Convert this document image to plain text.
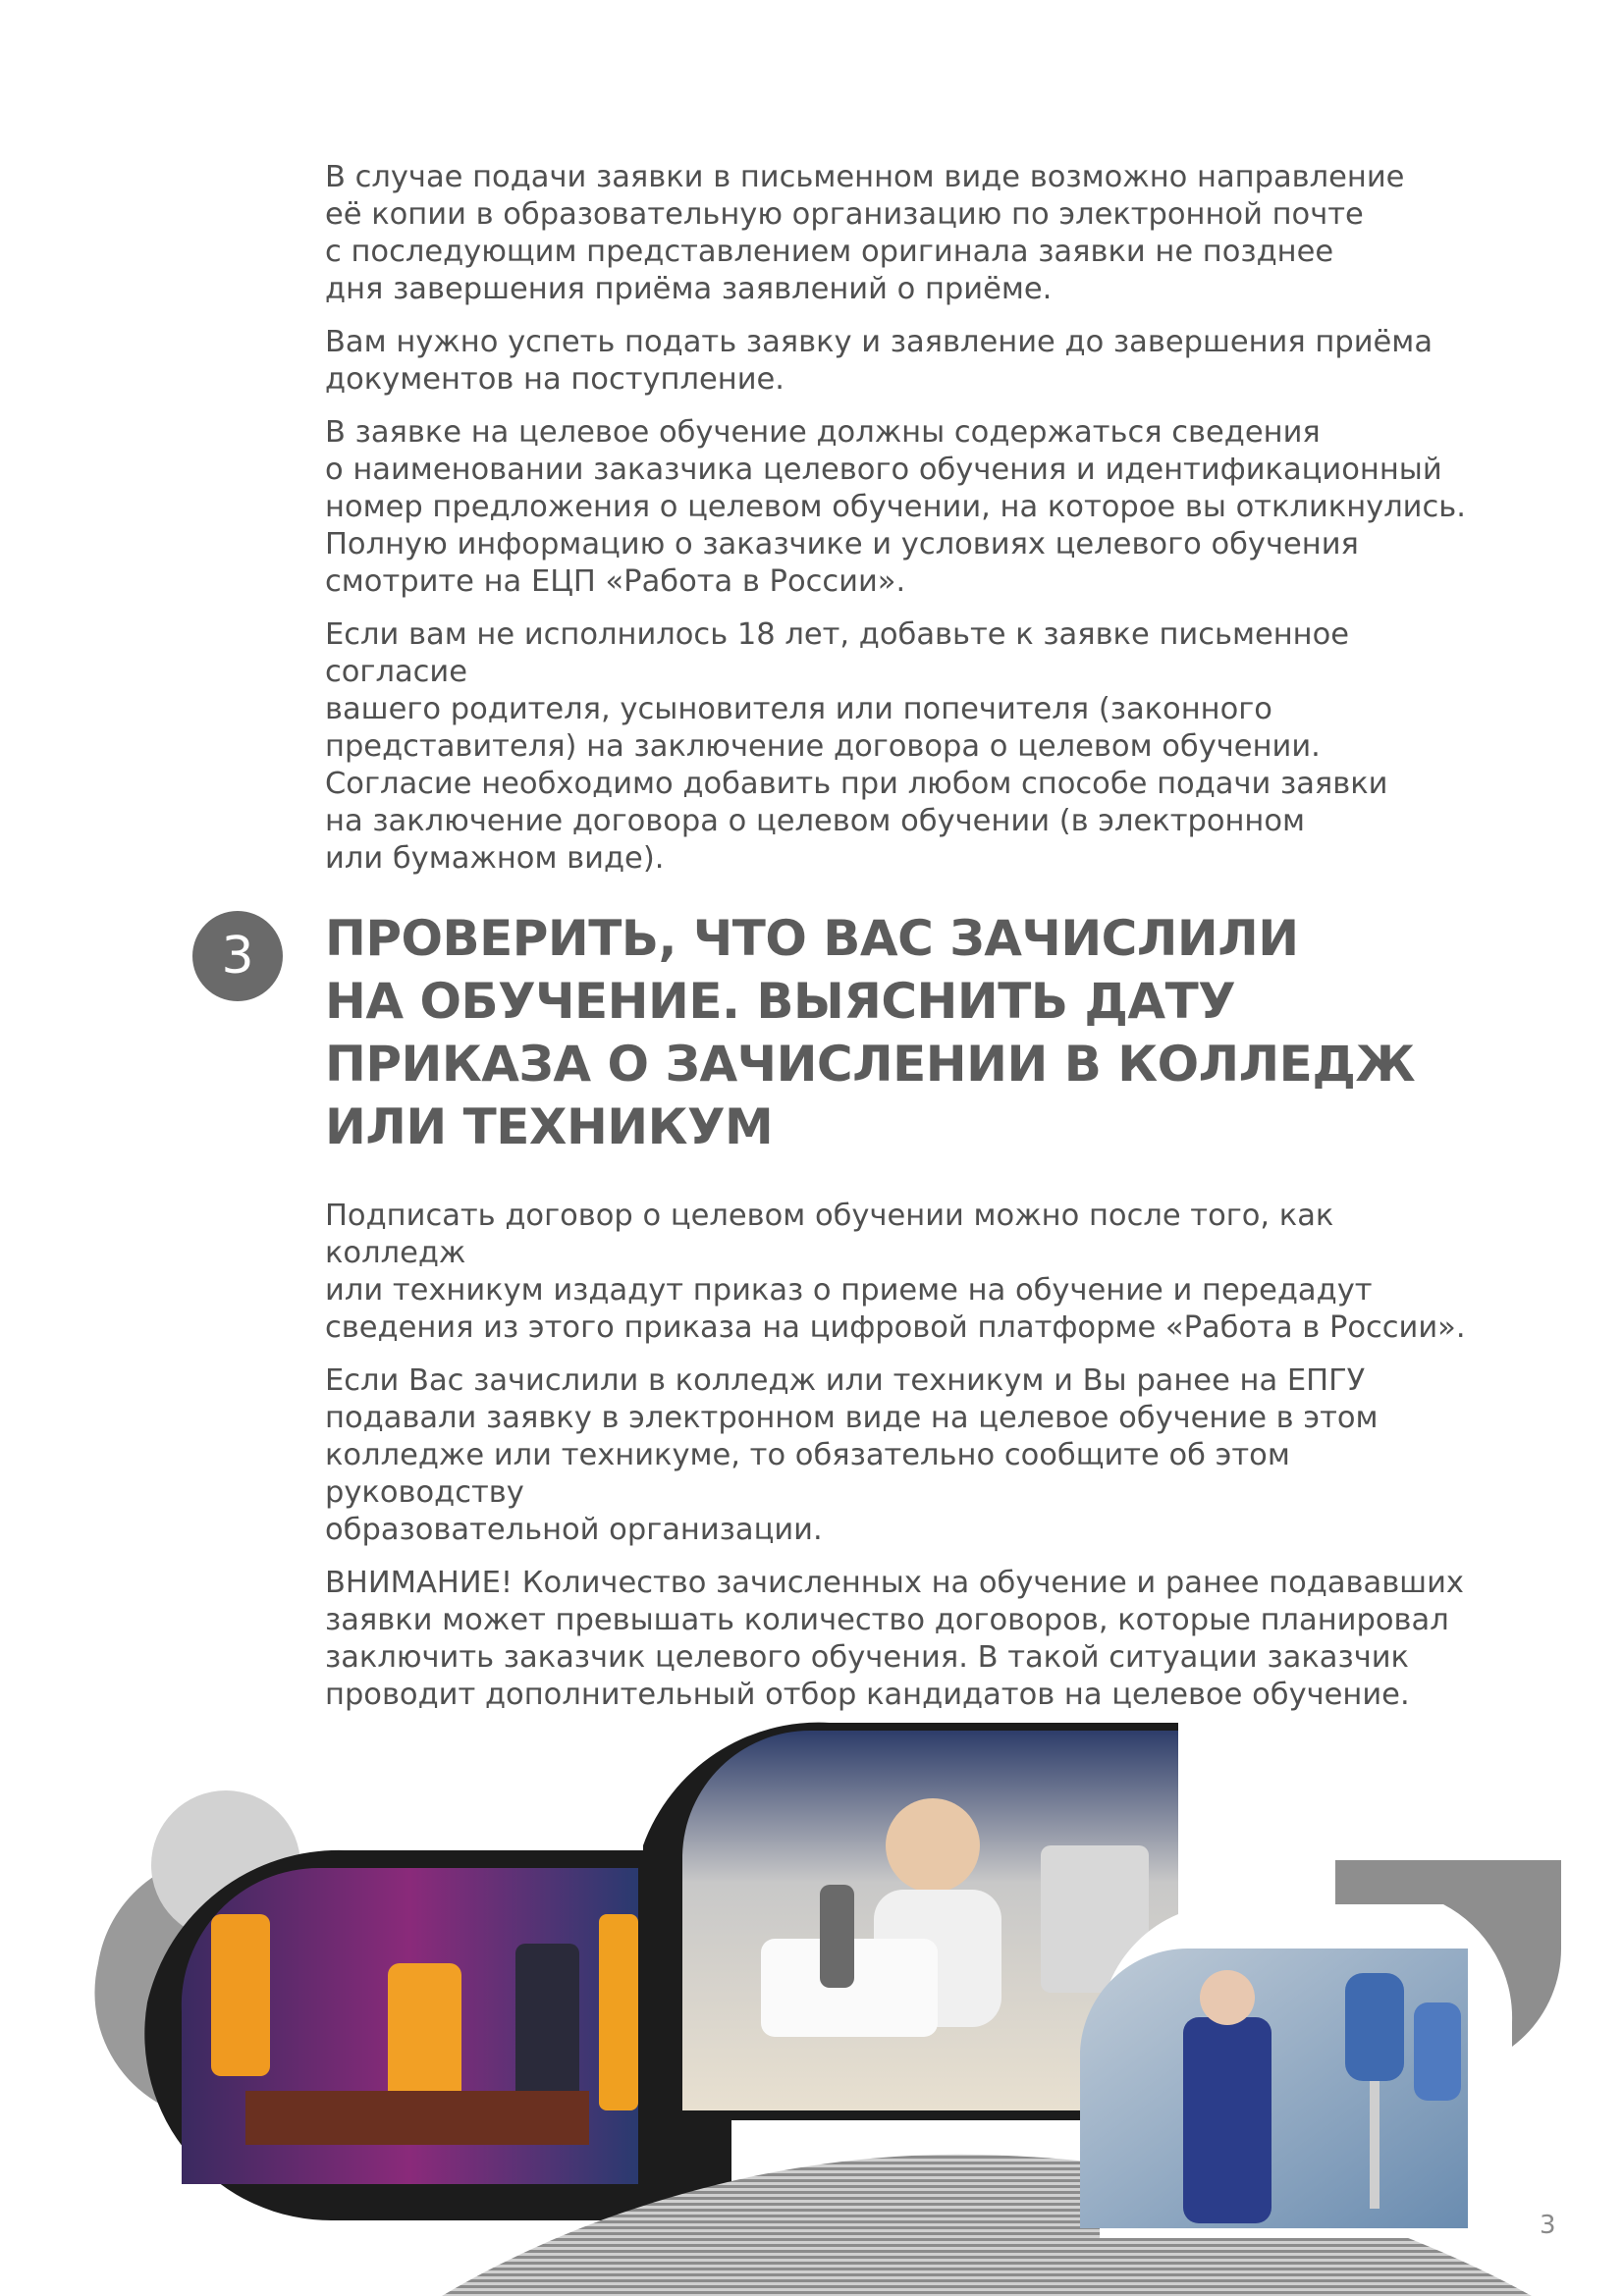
В случае подачи заявки в письменном виде возможно направление
её копии в образовательную организацию по электронной почте
с последующим представлением оригинала заявки не позднее
дня завершения приёма заявлений о приёме.

Вам нужно успеть подать заявку и заявление до завершения приёма
документов на поступление.

В заявке на целевое обучение должны содержаться сведения
о наименовании заказчика целевого обучения и идентификационный
номер предложения о целевом обучении, на которое вы откликнулись.
Полную информацию о заказчике и условиях целевого обучения
смотрите на ЕЦП «Работа в России».

Если вам не исполнилось 18 лет, добавьте к заявке письменное согласие
вашего родителя, усыновителя или попечителя (законного
представителя) на заключение договора о целевом обучении.
Согласие необходимо добавить при любом способе подачи заявки
на заключение договора о целевом обучении (в электронном
или бумажном виде).

3	ПРОВЕРИТЬ, ЧТО ВАС ЗАЧИСЛИЛИ
НА ОБУЧЕНИЕ. ВЫЯСНИТЬ ДАТУ
ПРИКАЗА О ЗАЧИСЛЕНИИ В КОЛЛЕДЖ
ИЛИ ТЕХНИКУМ

Подписать договор о целевом обучении можно после того, как колледж
или техникум издадут приказ о приеме на обучение и передадут
сведения из этого приказа на цифровой платформе «Работа в России».

Если Вас зачислили в колледж или техникум и Вы ранее на ЕПГУ
подавали заявку в электронном виде на целевое обучение в этом
колледже или техникуме, то обязательно сообщите об этом руководству
образовательной организации.

ВНИМАНИЕ! Количество зачисленных на обучение и ранее подававших
заявки может превышать количество договоров, которые планировал
заключить заказчик целевого обучения. В такой ситуации заказчик
проводит дополнительный отбор кандидатов на целевое обучение.

3
